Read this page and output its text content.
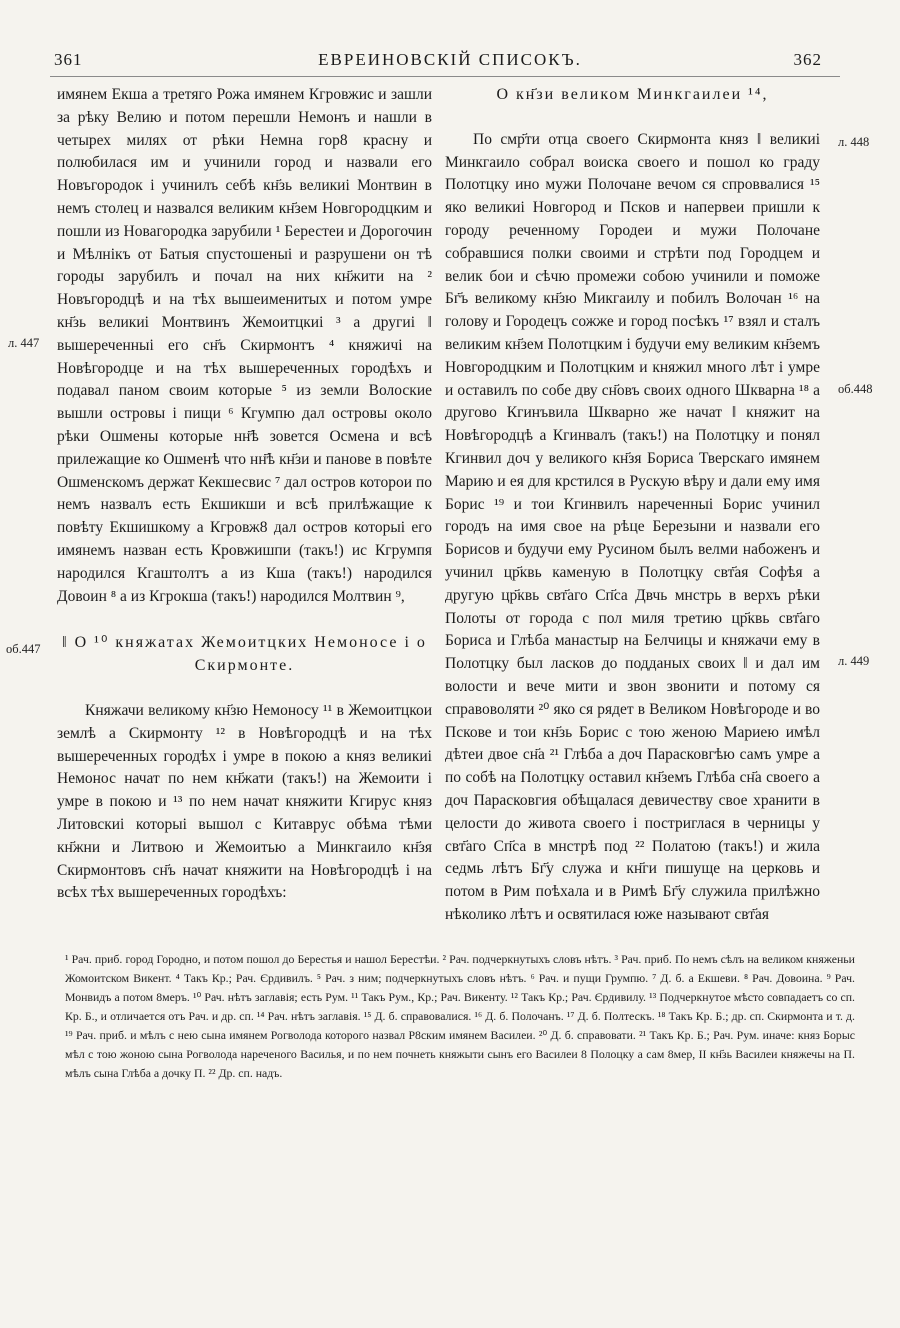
361	ЕВРЕИНОВСКІЙ СПИСОКЪ.	362
л. 447
об.447
л. 448
об.448
л. 449

имянем Екша а третяго Рожа имянем Кгровжис и зашли за рѣку Велию и потом перешли Немонъ и нашли в четырех милях от рѣки Немна гор8 красну и полюбилася им и учинили город и назвали его Новъгородок і учинилъ себѣ кн҃зь великиі Монтвин в немъ столец и назвался великим кн҃зем Новгородцким и пошли из Новагородка зарубили ¹ Берестеи и Дорогочин и Мѣлнікъ от Батыя спустошеныі и разрушени он тѣ городы зарубилъ и почал на них кн҃жити на ² Новъгородцѣ и на тѣх вышеименитых и потом умре кн҃зь великиі Монтвинъ Жемоитцкиі ³ а другиі ‖ вышереченныі его сн҃ъ Скирмонтъ ⁴ княжичі на Новѣгородце и на тѣх вышереченных городѣхъ и подавал паном своим которые ⁵ из земли Волоские вышли островы і пищи ⁶ Кгумпю дал островы около рѣки Ошмены которые нн҃ѣ зовется Осмена и всѣ прилежащие ко Ошменѣ что нн҃ѣ кн҃зи и панове в повѣте Ошменскомъ держат Кекшесвис ⁷ дал остров которои по немъ назвалъ есть Екшикши и всѣ прилѣжащие к повѣту Екшишкому а Кгровж8 дал остров которыі его имянемъ назван есть Кровжишпи (такъ!) ис Кгрумпя народился Кгаштолтъ а из Кша (такъ!) народился Довоин ⁸ а из Кгрокша (такъ!) народился Молтвин ⁹,

‖ О ¹⁰ княжатах Жемоитцких Немоносе і о Скирмонте.

Княжачи великому кн҃зю Немоносу ¹¹ в Жемоитцкои землѣ а Скирмонту ¹² в Новѣгородцѣ и на тѣх вышереченных городѣх і умре в покою а княз великиі Немонос начат по нем кн҃жати (такъ!) на Жемоити і умре в покою и ¹³ по нем начат княжити Кгирус княз Литовскиі которыі вышол с Китаврус обѣма тѣми кн҃жни и Литвою и Жемоитью а Минкгаило кн҃зя Скирмонтовъ сн҃ъ начат княжити на Новѣгородцѣ і на всѣх тѣх вышереченных городѣхъ:

О кн҃зи великом Минкгаилеи ¹⁴,

По смр҃ти отца своего Скирмонта княз ‖ великиі Минкгаило собрал воиска своего и пошол ко граду Полотцку ино мужи Полочане вечом ся спроввалися ¹⁵ яко великиі Новгород и Псков и напервеи пришли к городу реченному Городеи и мужи Полочане собравшися полки своими и стрѣти под Городцем и велик бои и сѣчю промежи собою учинили и поможе Бг҃ъ великому кн҃зю Микгаилу и побилъ Волочан ¹⁶ на голову и Городецъ сожже и город посѣкъ ¹⁷ взял и сталъ великим кн҃зем Полотцким і будучи ему великим кн҃земъ Новгородцким и Полотцким и княжил много лѣт і умре и оставилъ по собе дву сн҃овъ своих одного Шкварна ¹⁸ а другово Кгинъвила Шкварно же начат ‖ княжит на Новѣгородцѣ а Кгинвалъ (такъ!) на Полотцку и понял Кгинвил доч у великого кн҃зя Бориса Тверскаго имянем Марию и ея для крстился в Рускую вѣру и дали ему имя Борис ¹⁹ и тои Кгинвилъ нареченныі Борис учинил городъ на имя свое на рѣце Березыни и назвали его Борисов и будучи ему Русином былъ велми набоженъ и учинил цр҃квь каменую в Полотцку свт҃ая Софѣя а другую цр҃квь свт҃аго Сп҃са Двчь мнстрь в верхъ рѣки Полоты от города с пол миля третию цр҃квь свт҃аго Бориса и Глѣба манастыр на Белчицы и княжачи ему в Полотцку был ласков до подданых своих ‖ и дал им волости и вече мити и звон звонити и потому ся справоволяти ²⁰ яко ся рядет в Великом Новѣгороде и во Пскове и тои кн҃зь Борис с тою женою Мариею имѣл дѣтеи двое сн҃а ²¹ Глѣба а доч Парасковгѣю самъ умре а по собѣ на Полотцку оставил кн҃земъ Глѣба сн҃а своего а доч Парасковгия обѣщалася девичеству свое хранити в целости до живота своего і постриглася в черницы у свт҃аго Сп҃са в мнстрѣ под ²² Полатою (такъ!) и жила седмь лѣтъ Бг҃у служа и кн҃ги пишуще на церковь и потом в Рим поѣхала и в Римѣ Бг҃у служила прилѣжно нѣколико лѣтъ и освятилася юже называют свт҃ая

¹ Рач. приб. город Городно, и потом пошол до Берестья и нашол Берестѣи. ² Рач. подчеркнутыхъ словъ нѣтъ. ³ Рач. приб. По немъ сѣлъ на великом княженьи Жомоитском Викент. ⁴ Такъ Кр.; Рач. Єрдивилъ. ⁵ Рач. з ним; подчеркнутыхъ словъ нѣтъ. ⁶ Рач. и пущи Грумпю. ⁷ Д. б. а Екшеви. ⁸ Рач. Довоина. ⁹ Рач. Монвидъ а потом 8меръ. ¹⁰ Рач. нѣтъ заглавія; есть Рум. ¹¹ Такъ Рум., Кр.; Рач. Викенту. ¹² Такъ Кр.; Рач. Єрдивилу. ¹³ Подчеркнутое мѣсто совпадаетъ со сп. Кр. Б., и отличается отъ Рач. и др. сп. ¹⁴ Рач. нѣтъ заглавія. ¹⁵ Д. б. справовалися. ¹⁶ Д. б. Полочанъ. ¹⁷ Д. б. Полтескъ. ¹⁸ Такъ Кр. Б.; др. сп. Скирмонта и т. д. ¹⁹ Рач. приб. и мѣлъ с нею сына имянем Рогволода которого назвал Р8ским имянем Василеи. ²⁰ Д. б. справовати. ²¹ Такъ Кр. Б.; Рач. Рум. иначе: княз Борыс мѣл с тою жоною сына Рогволода нареченого Василья, и по нем почнеть княжыти сынъ его Василеи 8 Полоцку а сам 8мер, II кн҃зь Василеи княжечы на П. мѣлъ сына Глѣба а дочку П. ²² Др. сп. надъ.
